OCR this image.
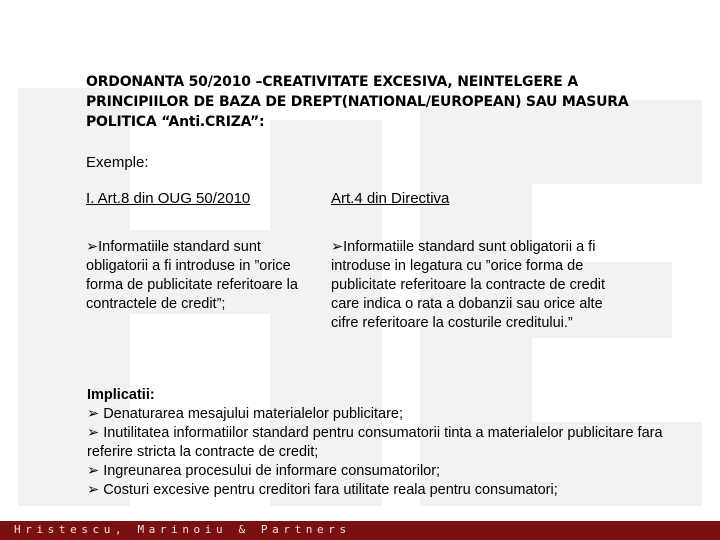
ORDONANTA 50/2010 –CREATIVITATE EXCESIVA, NEINTELGERE A PRINCIPIILOR DE BAZA DE DREPT(NATIONAL/EUROPEAN) SAU MASURA POLITICA “Anti.CRIZA”:
Exemple:
I. Art.8 din OUG 50/2010	Art.4 din Directiva
➢Informatiile standard sunt obligatorii a fi introduse in ”orice forma de publicitate referitoare la contractele de credit”;
➢Informatiile standard sunt obligatorii a fi introduse in legatura cu ”orice forma de publicitate referitoare la contracte de credit care indica o rata a dobanzii sau orice alte cifre referitoare la costurile creditului.”
Implicatii:
➢ Denaturarea mesajului materialelor publicitare;
➢ Inutilitatea informatiilor standard pentru consumatorii tinta a materialelor publicitare fara referire stricta la contracte de credit;
➢ Ingreunarea procesului de informare consumatorilor;
➢ Costuri excesive pentru creditori fara utilitate reala pentru consumatori;
Hristescu, Marinoiu & Partners
